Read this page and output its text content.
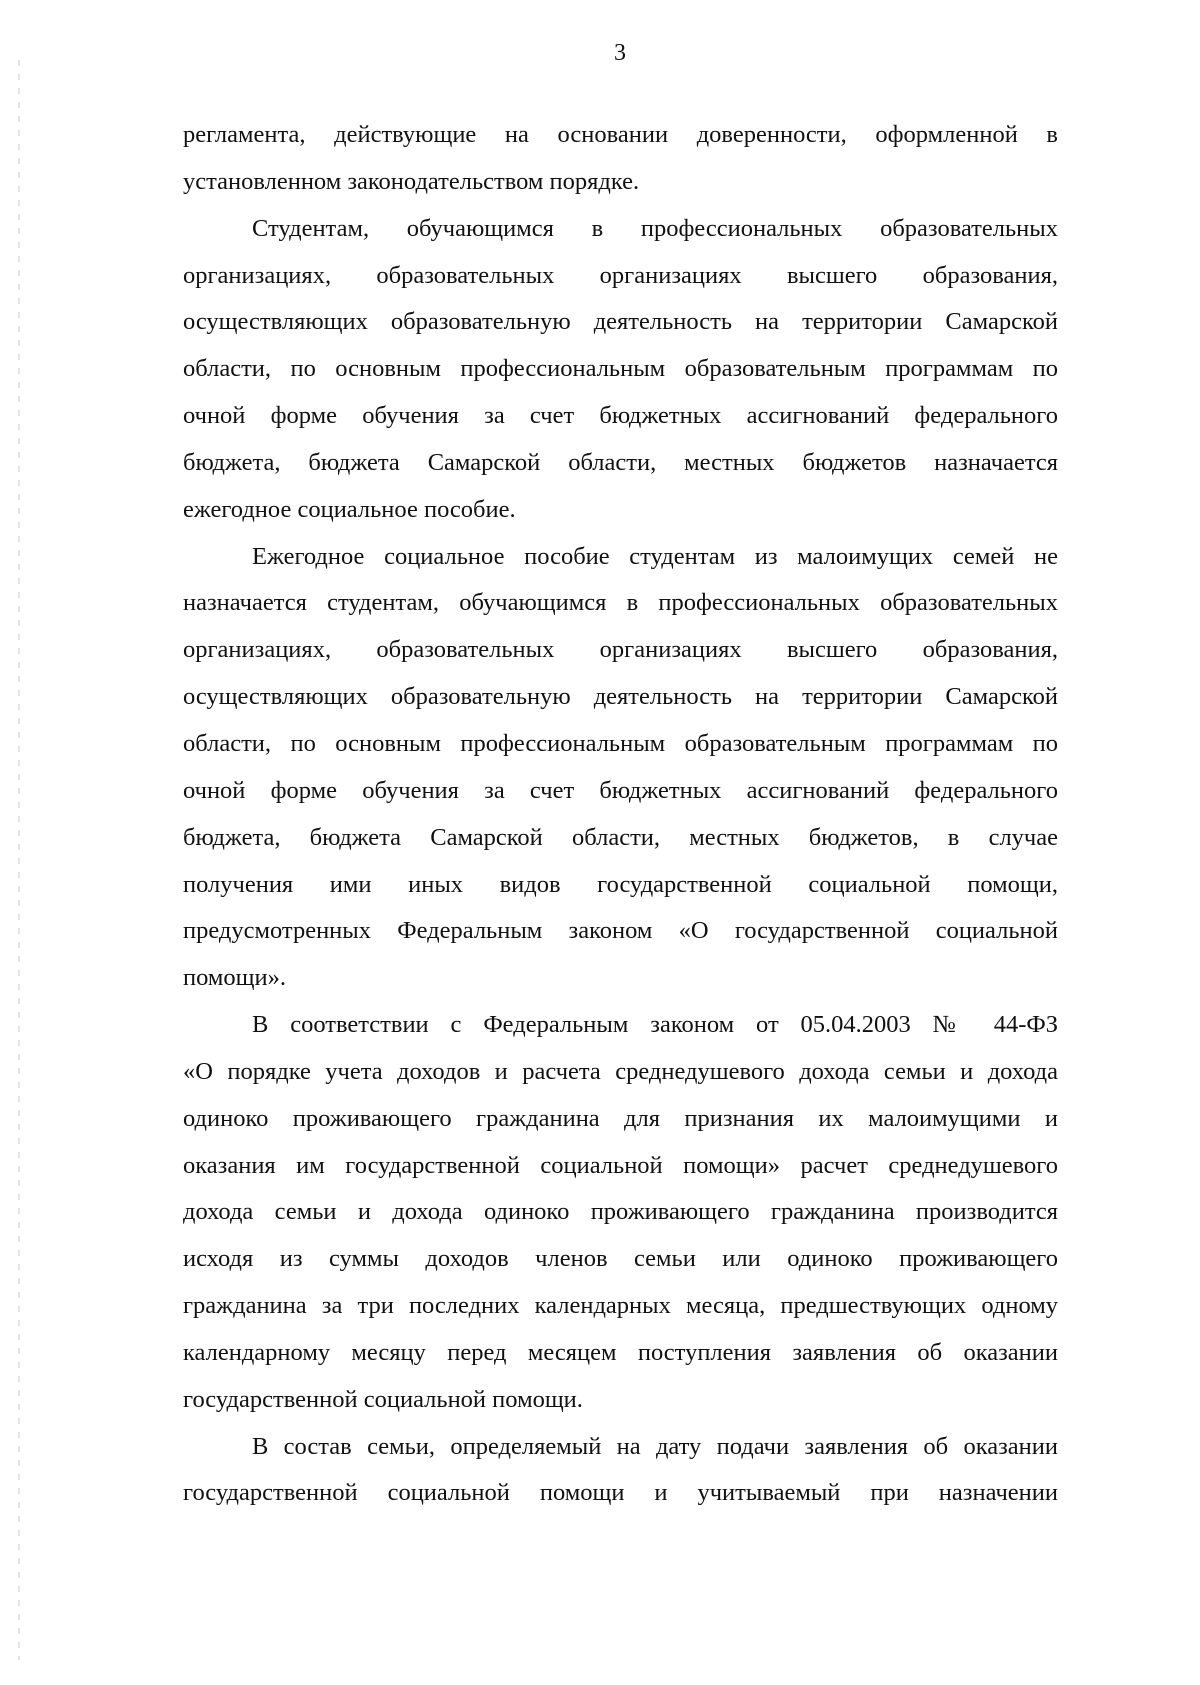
3
регламента, действующие на основании доверенности, оформленной в
установленном законодательством порядке.
Студентам, обучающимся в профессиональных образовательных
организациях, образовательных организациях высшего образования,
осуществляющих образовательную деятельность на территории Самарской
области, по основным профессиональным образовательным программам по
очной форме обучения за счет бюджетных ассигнований федерального
бюджета, бюджета Самарской области, местных бюджетов назначается
ежегодное социальное пособие.
Ежегодное социальное пособие студентам из малоимущих семей не
назначается студентам, обучающимся в профессиональных образовательных
организациях, образовательных организациях высшего образования,
осуществляющих образовательную деятельность на территории Самарской
области, по основным профессиональным образовательным программам по
очной форме обучения за счет бюджетных ассигнований федерального
бюджета, бюджета Самарской области, местных бюджетов, в случае
получения ими иных видов государственной социальной помощи,
предусмотренных Федеральным законом «О государственной социальной
помощи».
В соответствии с Федеральным законом от 05.04.2003 № 44-ФЗ
«О порядке учета доходов и расчета среднедушевого дохода семьи и дохода
одиноко проживающего гражданина для признания их малоимущими и
оказания им государственной социальной помощи» расчет среднедушевого
дохода семьи и дохода одиноко проживающего гражданина производится
исходя из суммы доходов членов семьи или одиноко проживающего
гражданина за три последних календарных месяца, предшествующих одному
календарному месяцу перед месяцем поступления заявления об оказании
государственной социальной помощи.
В состав семьи, определяемый на дату подачи заявления об оказании
государственной социальной помощи и учитываемый при назначении
